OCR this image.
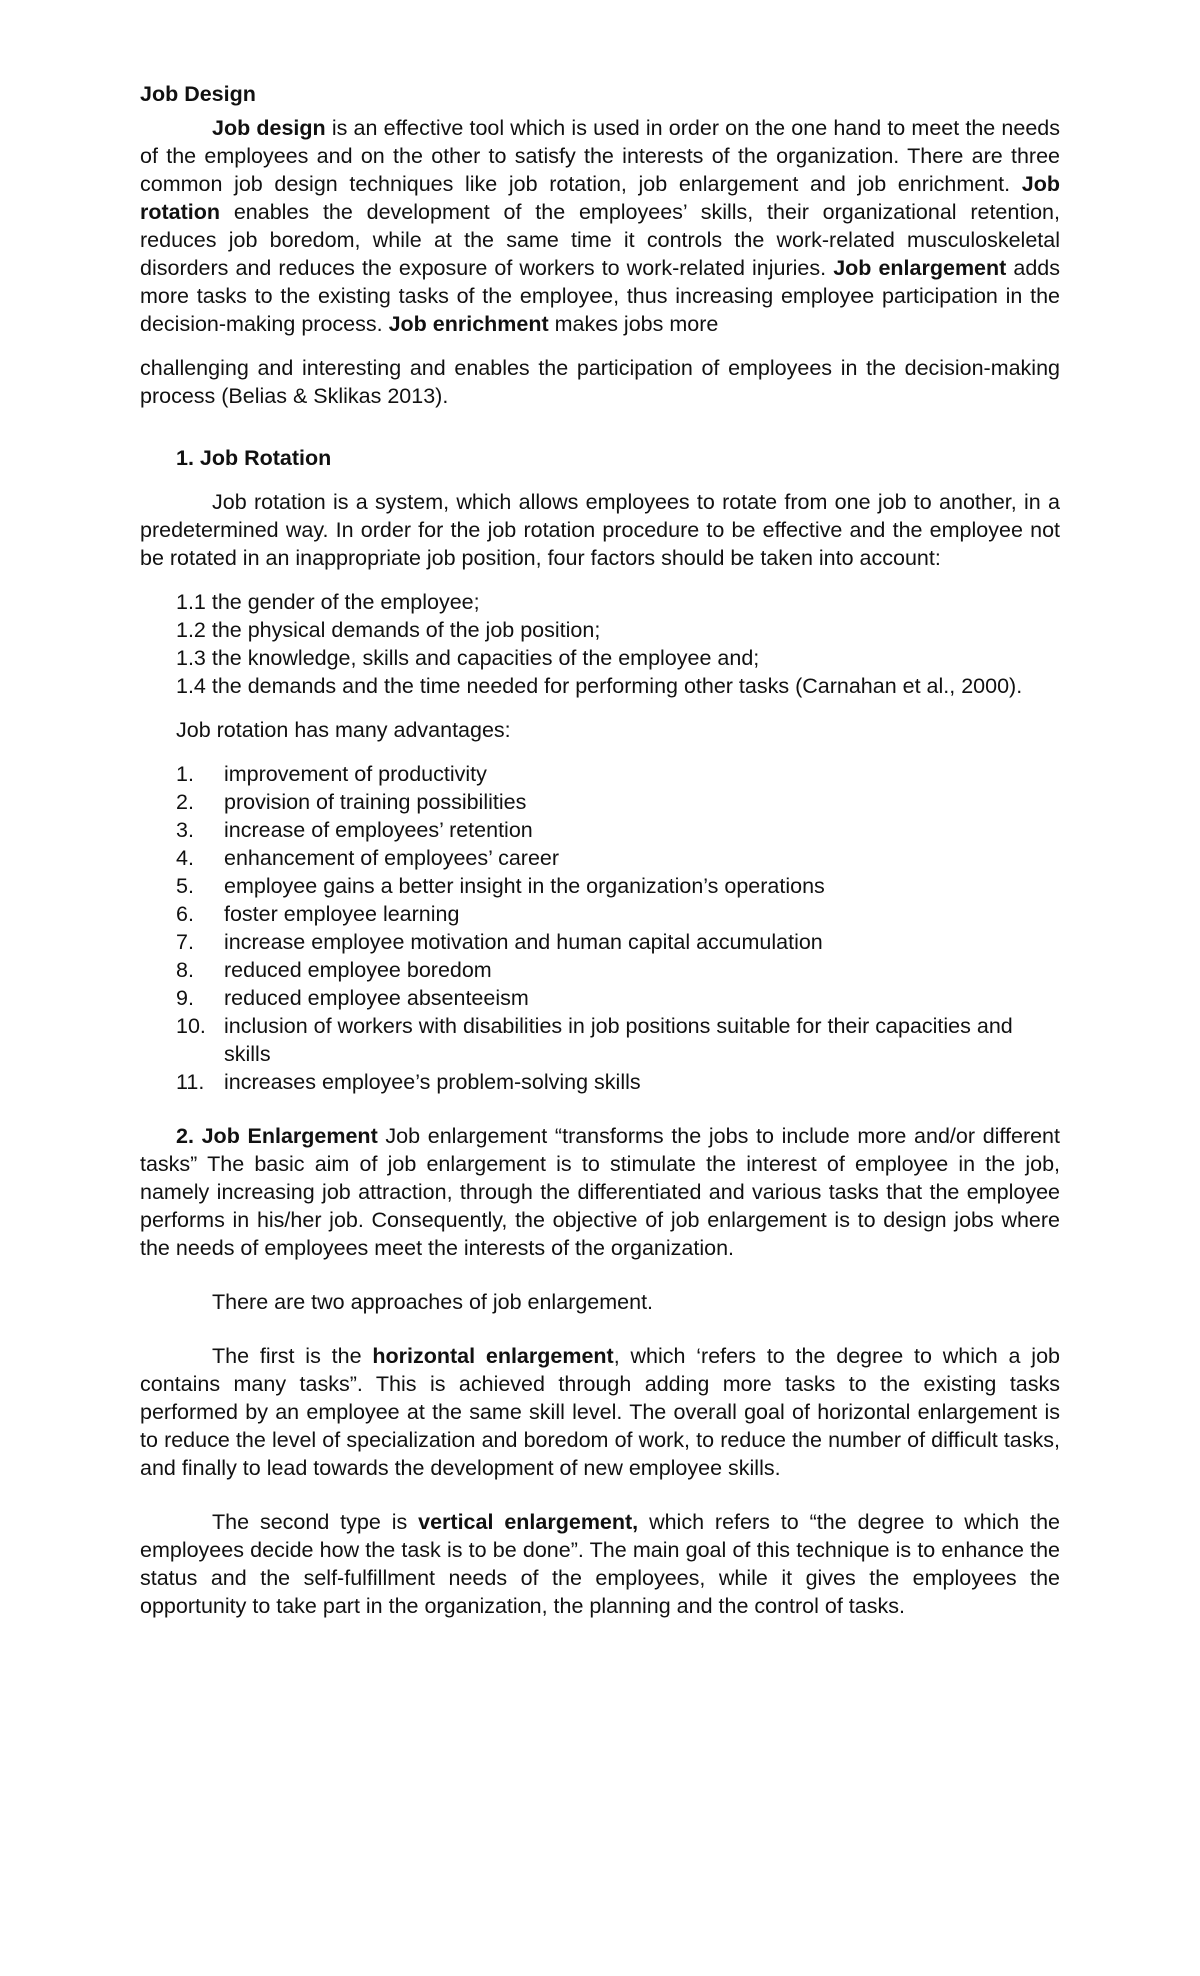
Job Design

Job design is an effective tool which is used in order on the one hand to meet the needs of the employees and on the other to satisfy the interests of the organization. There are three common job design techniques like job rotation, job enlargement and job enrichment. Job rotation enables the development of the employees’ skills, their organizational retention, reduces job boredom, while at the same time it controls the work-related musculoskeletal disorders and reduces the exposure of workers to work-related injuries. Job enlargement adds more tasks to the existing tasks of the employee, thus increasing employee participation in the decision-making process. Job enrichment makes jobs more

challenging and interesting and enables the participation of employees in the decision-making process (Belias & Sklikas 2013).

1. Job Rotation

Job rotation is a system, which allows employees to rotate from one job to another, in a predetermined way. In order for the job rotation procedure to be effective and the employee not be rotated in an inappropriate job position, four factors should be taken into account:

1.1 the gender of the employee;

1.2 the physical demands of the job position;

1.3 the knowledge, skills and capacities of the employee and;

1.4 the demands and the time needed for performing other tasks (Carnahan et al., 2000).

Job rotation has many advantages:

1.	improvement of productivity
2.	provision of training possibilities
3.	increase of employees’ retention
4.	enhancement of employees’ career
5.	employee gains a better insight in the organization’s operations
6.	foster employee learning
7.	increase employee motivation and human capital accumulation
8.	reduced employee boredom
9.	reduced employee absenteeism
10. inclusion of workers with disabilities in job positions suitable for their capacities and skills
11. increases employee’s problem-solving skills

2. Job Enlargement Job enlargement “transforms the jobs to include more and/or different tasks” The basic aim of job enlargement is to stimulate the interest of employee in the job, namely increasing job attraction, through the differentiated and various tasks that the employee performs in his/her job. Consequently, the objective of job enlargement is to design jobs where the needs of employees meet the interests of the organization.

There are two approaches of job enlargement.

The first is the horizontal enlargement, which ‘refers to the degree to which a job contains many tasks”. This is achieved through adding more tasks to the existing tasks performed by an employee at the same skill level. The overall goal of horizontal enlargement is to reduce the level of specialization and boredom of work, to reduce the number of difficult tasks, and finally to lead towards the development of new employee skills.

The second type is vertical enlargement, which refers to “the degree to which the employees decide how the task is to be done”. The main goal of this technique is to enhance the status and the self-fulfillment needs of the employees, while it gives the employees the opportunity to take part in the organization, the planning and the control of tasks.
